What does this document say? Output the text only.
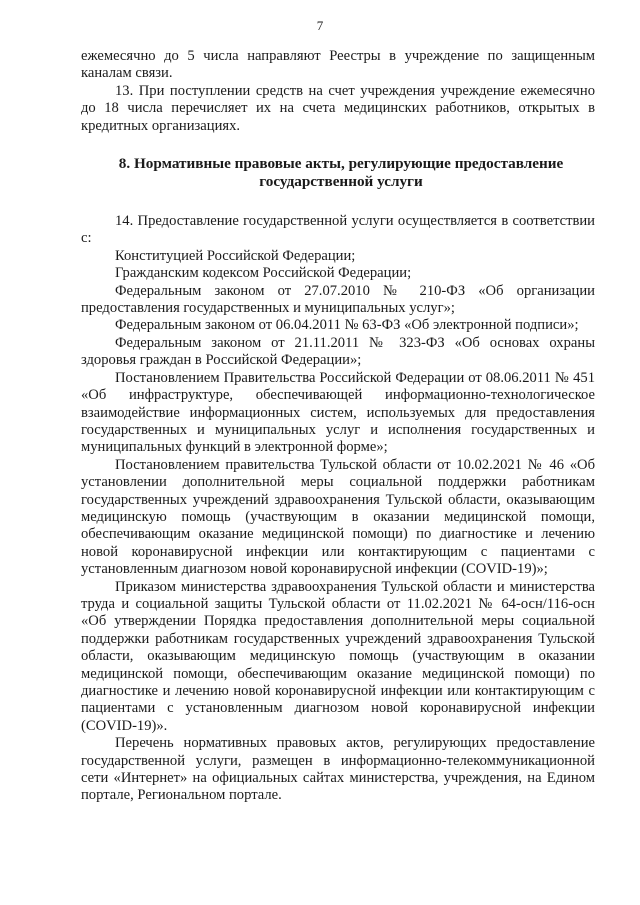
7

ежемесячно до 5 числа направляют Реестры в учреждение по защищенным каналам связи.

13. При поступлении средств на счет учреждения учреждение ежемесячно до 18 числа перечисляет их на счета медицинских работников, открытых в кредитных организациях.

8. Нормативные правовые акты, регулирующие предоставление
государственной услуги

14. Предоставление государственной услуги осуществляется в соответствии с:

Конституцией Российской Федерации;

Гражданским кодексом Российской Федерации;

Федеральным законом от 27.07.2010 № 210-ФЗ «Об организации предоставления государственных и муниципальных услуг»;

Федеральным законом от 06.04.2011 № 63-ФЗ «Об электронной подписи»;

Федеральным законом от 21.11.2011 № 323-ФЗ «Об основах охраны здоровья граждан в Российской Федерации»;

Постановлением Правительства Российской Федерации от 08.06.2011 № 451 «Об инфраструктуре, обеспечивающей информационно-технологическое взаимодействие информационных систем, используемых для предоставления государственных и муниципальных услуг и исполнения государственных и муниципальных функций в электронной форме»;

Постановлением правительства Тульской области от 10.02.2021 № 46 «Об установлении дополнительной меры социальной поддержки работникам государственных учреждений здравоохранения Тульской области, оказывающим медицинскую помощь (участвующим в оказании медицинской помощи, обеспечивающим оказание медицинской помощи) по диагностике и лечению новой коронавирусной инфекции или контактирующим с пациентами с установленным диагнозом новой коронавирусной инфекции (COVID-19)»;

Приказом министерства здравоохранения Тульской области и министерства труда и социальной защиты Тульской области от 11.02.2021 № 64-осн/116-осн «Об утверждении Порядка предоставления дополнительной меры социальной поддержки работникам государственных учреждений здравоохранения Тульской области, оказывающим медицинскую помощь (участвующим в оказании медицинской помощи, обеспечивающим оказание медицинской помощи) по диагностике и лечению новой коронавирусной инфекции или контактирующим с пациентами с установленным диагнозом новой коронавирусной инфекции (COVID-19)».

Перечень нормативных правовых актов, регулирующих предоставление государственной услуги, размещен в информационно-телекоммуникационной сети «Интернет» на официальных сайтах министерства, учреждения, на Едином портале, Региональном портале.
